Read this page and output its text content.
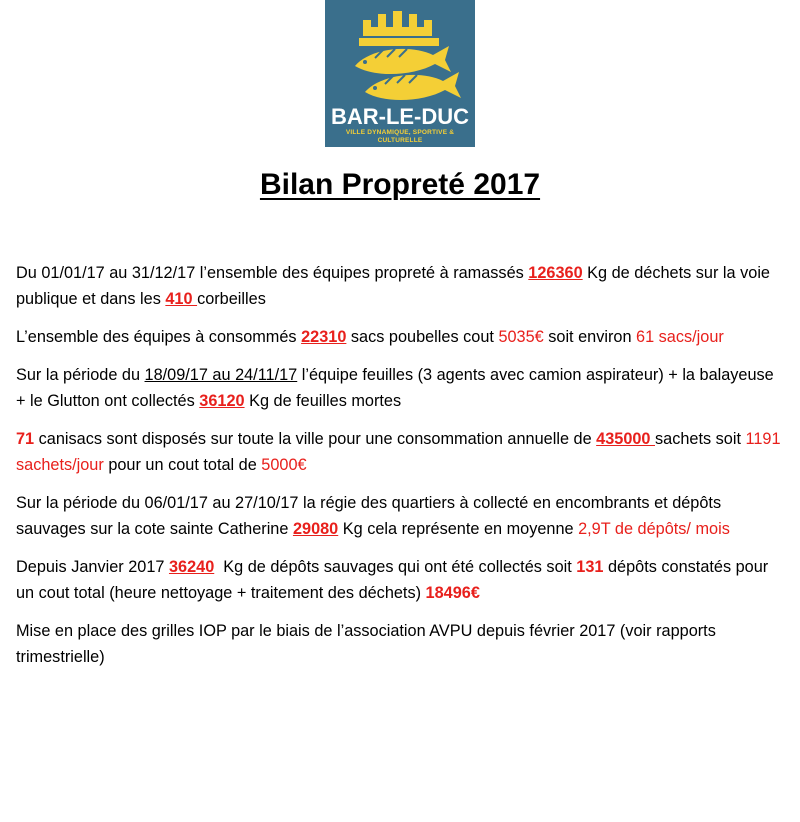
BAR-LE-DUC
VILLE DYNAMIQUE, SPORTIVE & CULTURELLE
Bilan Propreté 2017

Du 01/01/17 au 31/12/17 l’ensemble des équipes propreté à ramassés 126360 Kg de déchets sur la voie publique et dans les 410 corbeilles

L’ensemble des équipes à consommés 22310 sacs poubelles cout 5035€ soit environ 61 sacs/jour

Sur la période du 18/09/17 au 24/11/17 l’équipe feuilles (3 agents avec camion aspirateur) + la balayeuse + le Glutton ont collectés 36120 Kg de feuilles mortes

71 canisacs sont disposés sur toute la ville pour une consommation annuelle de 435000 sachets soit 1191 sachets/jour pour un cout total de 5000€

Sur la période du 06/01/17 au 27/10/17 la régie des quartiers à collecté en encombrants et dépôts sauvages sur la cote sainte Catherine 29080 Kg cela représente en moyenne 2,9T de dépôts/ mois

Depuis Janvier 2017 36240  Kg de dépôts sauvages qui ont été collectés soit 131 dépôts constatés pour un cout total (heure nettoyage + traitement des déchets) 18496€

Mise en place des grilles IOP par le biais de l’association AVPU depuis février 2017 (voir rapports trimestrielle)
